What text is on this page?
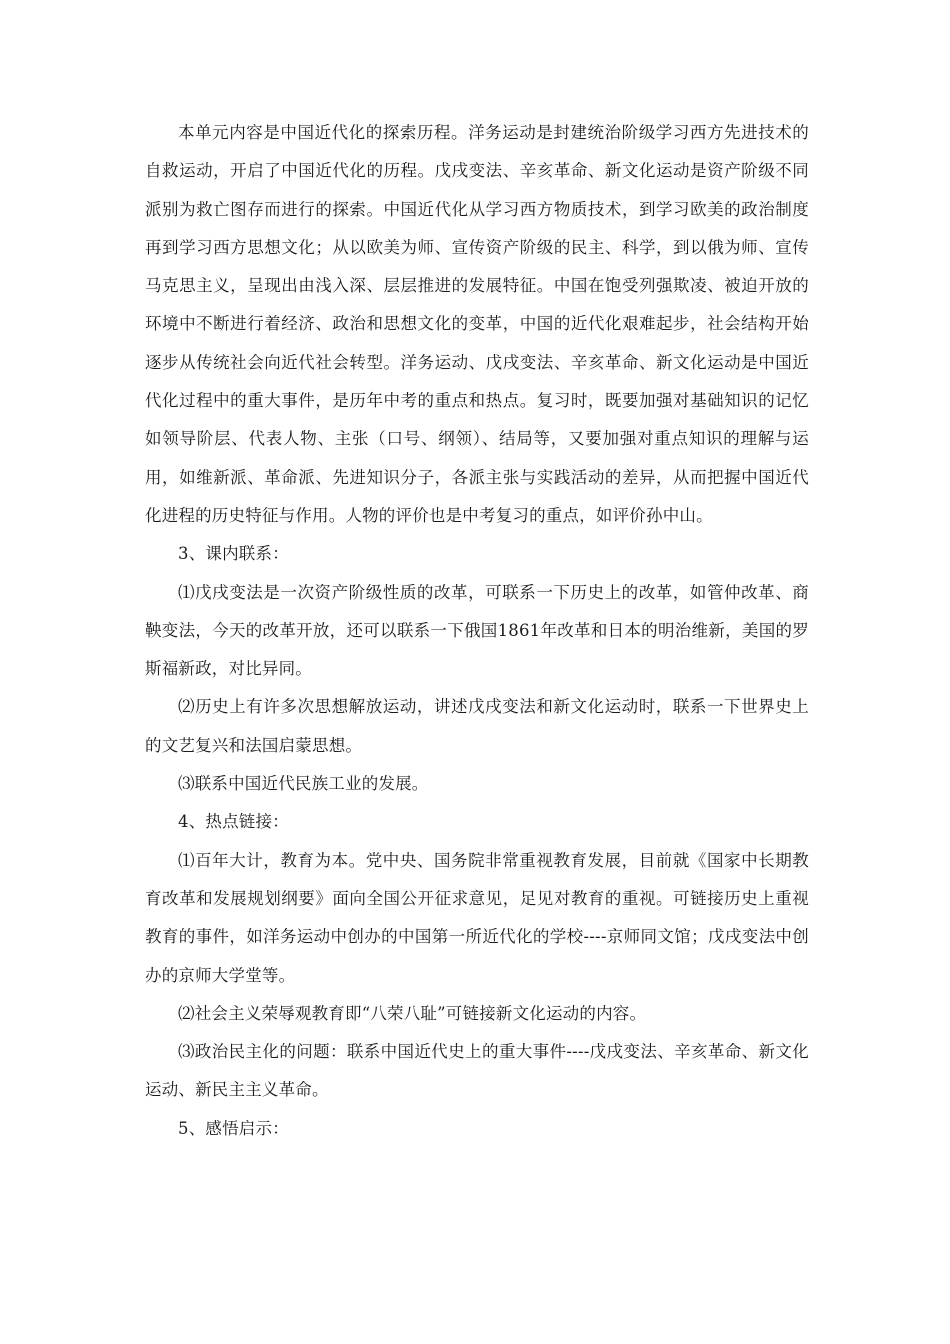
本单元内容是中国近代化的探索历程。洋务运动是封建统治阶级学习西方先进技术的自救运动，开启了中国近代化的历程。戊戌变法、辛亥革命、新文化运动是资产阶级不同派别为救亡图存而进行的探索。中国近代化从学习西方物质技术，到学习欧美的政治制度再到学习西方思想文化；从以欧美为师、宣传资产阶级的民主、科学，到以俄为师、宣传马克思主义，呈现出由浅入深、层层推进的发展特征。中国在饱受列强欺凌、被迫开放的环境中不断进行着经济、政治和思想文化的变革，中国的近代化艰难起步，社会结构开始逐步从传统社会向近代社会转型。洋务运动、戊戌变法、辛亥革命、新文化运动是中国近代化过程中的重大事件，是历年中考的重点和热点。复习时，既要加强对基础知识的记忆如领导阶层、代表人物、主张（口号、纲领）、结局等，又要加强对重点知识的理解与运用，如维新派、革命派、先进知识分子，各派主张与实践活动的差异，从而把握中国近代化进程的历史特征与作用。人物的评价也是中考复习的重点，如评价孙中山。

3、课内联系：

⑴戊戌变法是一次资产阶级性质的改革，可联系一下历史上的改革，如管仲改革、商鞅变法，今天的改革开放，还可以联系一下俄国1861年改革和日本的明治维新，美国的罗斯福新政，对比异同。

⑵历史上有许多次思想解放运动，讲述戊戌变法和新文化运动时，联系一下世界史上的文艺复兴和法国启蒙思想。

⑶联系中国近代民族工业的发展。

4、热点链接：

⑴百年大计，教育为本。党中央、国务院非常重视教育发展，目前就《国家中长期教育改革和发展规划纲要》面向全国公开征求意见，足见对教育的重视。可链接历史上重视教育的事件，如洋务运动中创办的中国第一所近代化的学校----京师同文馆；戊戌变法中创办的京师大学堂等。

⑵社会主义荣辱观教育即“八荣八耻”可链接新文化运动的内容。

⑶政治民主化的问题：联系中国近代史上的重大事件----戊戌变法、辛亥革命、新文化运动、新民主主义革命。

5、感悟启示：
